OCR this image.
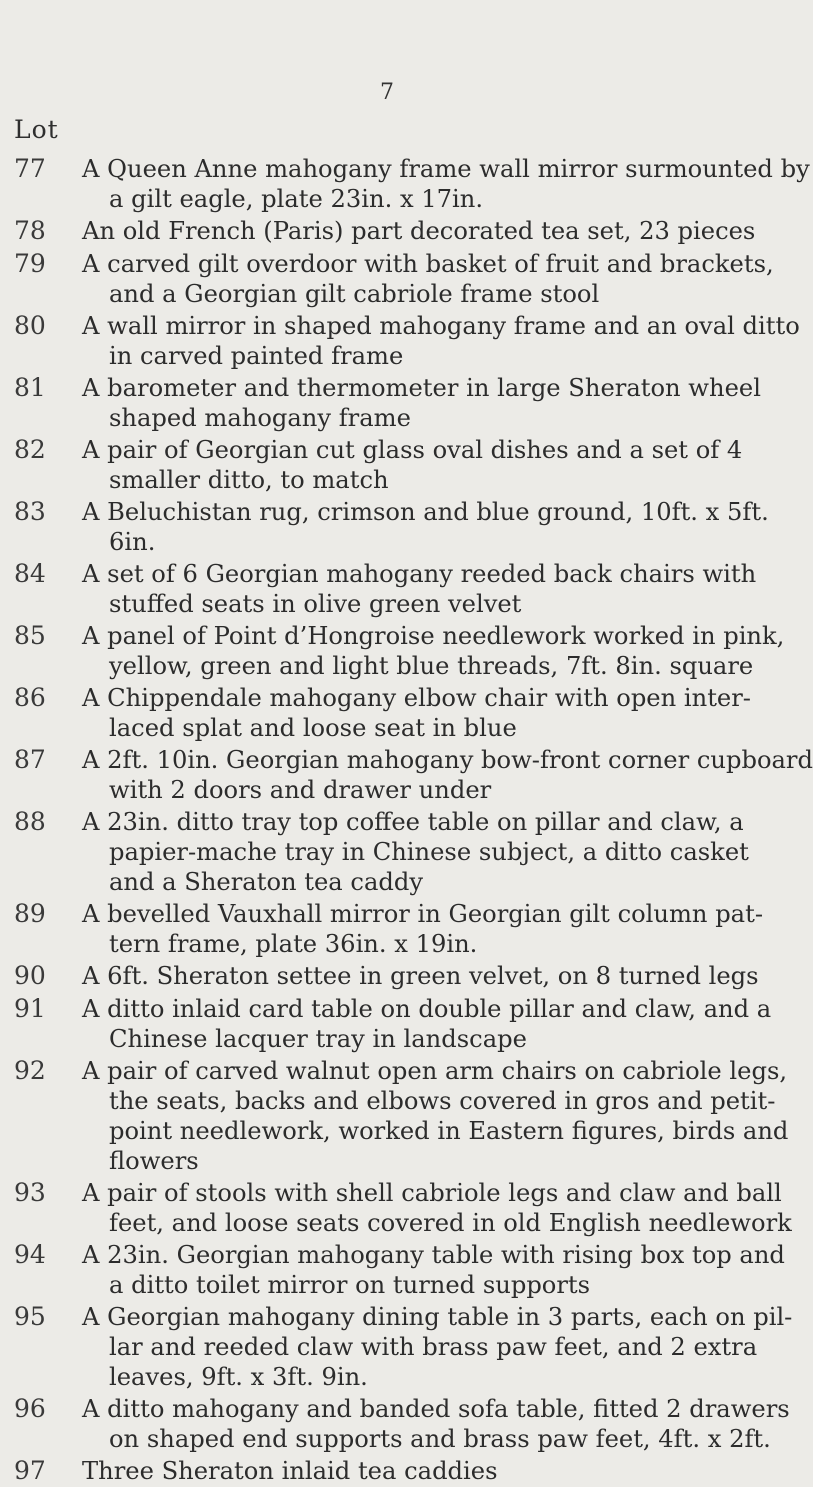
7
Lot
77	A Queen Anne mahogany frame wall mirror surmounted by
a gilt eagle, plate 23in. x 17in.
78	An old French (Paris) part decorated tea set, 23 pieces
79	A carved gilt overdoor with basket of fruit and brackets,
and a Georgian gilt cabriole frame stool
80	A wall mirror in shaped mahogany frame and an oval ditto
in carved painted frame
81	A barometer and thermometer in large Sheraton wheel
shaped mahogany frame
82	A pair of Georgian cut glass oval dishes and a set of 4
smaller ditto, to match
83	A Beluchistan rug, crimson and blue ground, 10ft. x 5ft.
6in.
84	A set of 6 Georgian mahogany reeded back chairs with
stuffed seats in olive green velvet
85	A panel of Point d’Hongroise needlework worked in pink,
yellow, green and light blue threads, 7ft. 8in. square
86	A Chippendale mahogany elbow chair with open inter-
laced splat and loose seat in blue
87	A 2ft. 10in. Georgian mahogany bow-front corner cupboard
with 2 doors and drawer under
88	A 23in. ditto tray top coffee table on pillar and claw, a
papier-mache tray in Chinese subject, a ditto casket
and a Sheraton tea caddy
89	A bevelled Vauxhall mirror in Georgian gilt column pat-
tern frame, plate 36in. x 19in.
90	A 6ft. Sheraton settee in green velvet, on 8 turned legs
91	A ditto inlaid card table on double pillar and claw, and a
Chinese lacquer tray in landscape
92	A pair of carved walnut open arm chairs on cabriole legs,
the seats, backs and elbows covered in gros and petit-
point needlework, worked in Eastern figures, birds and
flowers
93	A pair of stools with shell cabriole legs and claw and ball
feet, and loose seats covered in old English needlework
94	A 23in. Georgian mahogany table with rising box top and
a ditto toilet mirror on turned supports
95	A Georgian mahogany dining table in 3 parts, each on pil-
lar and reeded claw with brass paw feet, and 2 extra
leaves, 9ft. x 3ft. 9in.
96	A ditto mahogany and banded sofa table, fitted 2 drawers
on shaped end supports and brass paw feet, 4ft. x 2ft.
97	Three Sheraton inlaid tea caddies
